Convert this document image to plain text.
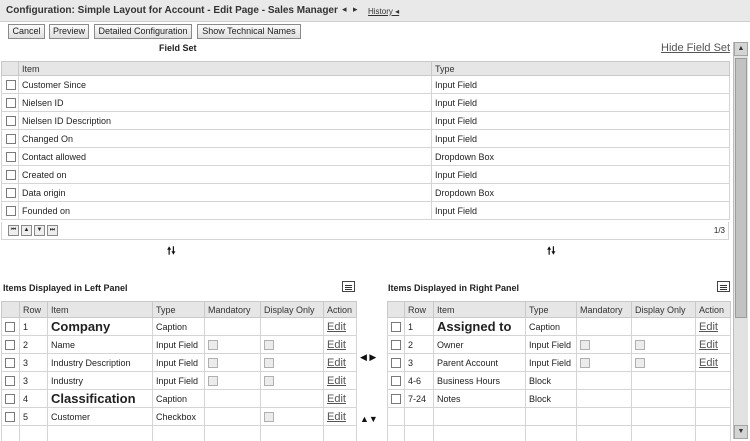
Configuration: Simple Layout for Account - Edit Page - Sales Manager ◂ ▸ History ◂
Cancel	Preview	Detailed Configuration	Show Technical Names
Field Set	Hide Field Set	▲
▼
	Item	Type
	Customer Since	Input Field
	Nielsen ID	Input Field
	Nielsen ID Description	Input Field
	Changed On	Input Field
	Contact allowed	Dropdown Box
	Created on	Input Field
	Data origin	Dropdown Box
	Founded on	Input Field
⏮	▲	▼	⏭	1/3
🠕🠗	🠕🠗
Items Displayed in Left Panel
	Row	Item	Type	Mandatory	Display Only	Action
	1	Company	Caption			Edit
	2	Name	Input Field			Edit
	3	Industry Description	Input Field			Edit
	3	Industry	Input Field			Edit
	4	Classification	Caption			Edit
	5	Customer	Checkbox			Edit

◀ ▶
▲▼
Items Displayed in Right Panel
	Row	Item	Type	Mandatory	Display Only	Action
	1	Assigned to	Caption			Edit
	2	Owner	Input Field			Edit
	3	Parent Account	Input Field			Edit
	4-6	Business Hours	Block			
	7-24	Notes	Block			
